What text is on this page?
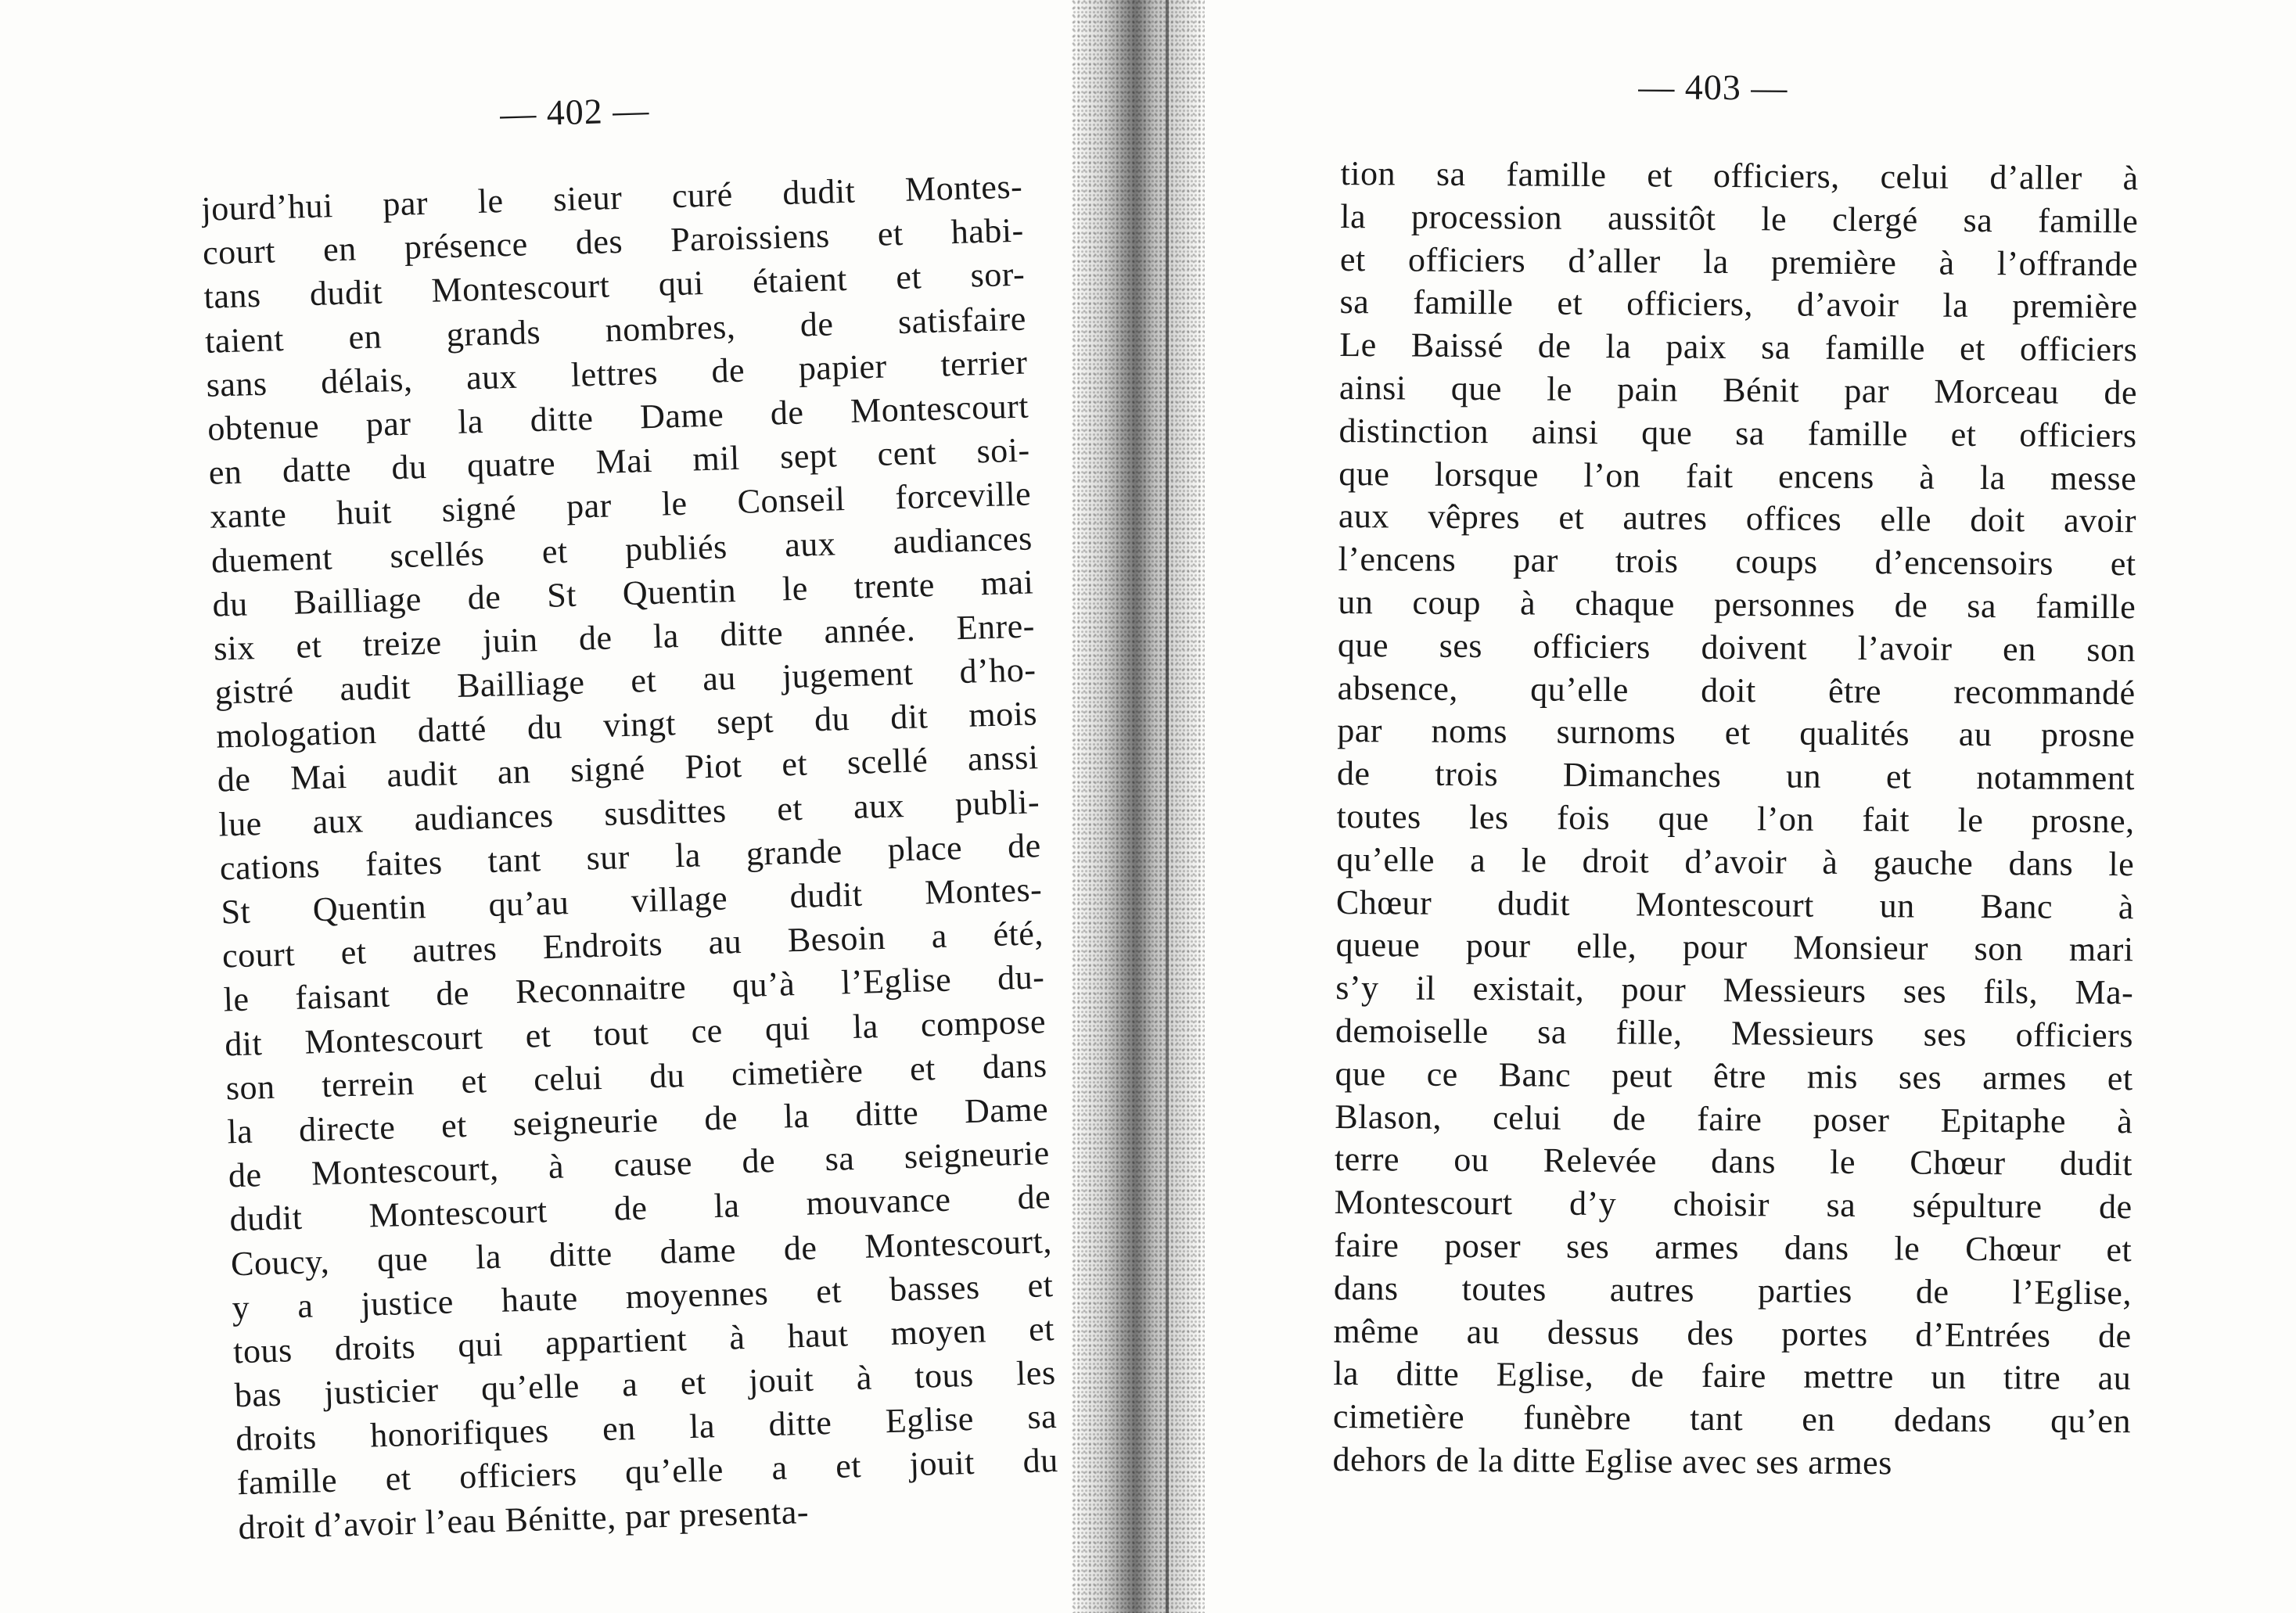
— 402 —
jourd’hui par le sieur curé dudit Montes-
court en présence des Paroissiens et habi-
tans dudit Montescourt qui étaient et sor-
taient en grands nombres, de satisfaire
sans délais, aux lettres de papier terrier
obtenue par la ditte Dame de Montescourt
en datte du quatre Mai mil sept cent soi-
xante huit signé par le Conseil forceville
duement scellés et publiés aux audiances
du Bailliage de St Quentin le trente mai
six et treize juin de la ditte année. Enre-
gistré audit Bailliage et au jugement d’ho-
mologation datté du vingt sept du dit mois
de Mai audit an signé Piot et scellé anssi
lue aux audiances susdittes et aux publi-
cations faites tant sur la grande place de
St Quentin qu’au village dudit Montes-
court et autres Endroits au Besoin a été,
le faisant de Reconnaitre qu’à l’Eglise du-
dit Montescourt et tout ce qui la compose
son terrein et celui du cimetière et dans
la directe et seigneurie de la ditte Dame
de Montescourt, à cause de sa seigneurie
dudit Montescourt de la mouvance de
Coucy, que la ditte dame de Montescourt,
y a justice haute moyennes et basses et
tous droits qui appartient à haut moyen et
bas justicier qu’elle a et jouit à tous les
droits honorifiques en la ditte Eglise sa
famille et officiers qu’elle a et jouit du
droit d’avoir l’eau Bénitte, par presenta-
— 403 —
tion sa famille et officiers, celui d’aller à
la procession aussitôt le clergé sa famille
et officiers d’aller la première à l’offrande
sa famille et officiers, d’avoir la première
Le Baissé de la paix sa famille et officiers
ainsi que le pain Bénit par Morceau de
distinction ainsi que sa famille et officiers
que lorsque l’on fait encens à la messe
aux vêpres et autres offices elle doit avoir
l’encens par trois coups d’encensoirs et
un coup à chaque personnes de sa famille
que ses officiers doivent l’avoir en son
absence, qu’elle doit être recommandé
par noms surnoms et qualités au prosne
de trois Dimanches un et notamment
toutes les fois que l’on fait le prosne,
qu’elle a le droit d’avoir à gauche dans le
Chœur dudit Montescourt un Banc à
queue pour elle, pour Monsieur son mari
s’y il existait, pour Messieurs ses fils, Ma-
demoiselle sa fille, Messieurs ses officiers
que ce Banc peut être mis ses armes et
Blason, celui de faire poser Epitaphe à
terre ou Relevée dans le Chœur dudit
Montescourt d’y choisir sa sépulture de
faire poser ses armes dans le Chœur et
dans toutes autres parties de l’Eglise,
même au dessus des portes d’Entrées de
la ditte Eglise, de faire mettre un titre au
cimetière funèbre tant en dedans qu’en
dehors de la ditte Eglise avec ses armes
